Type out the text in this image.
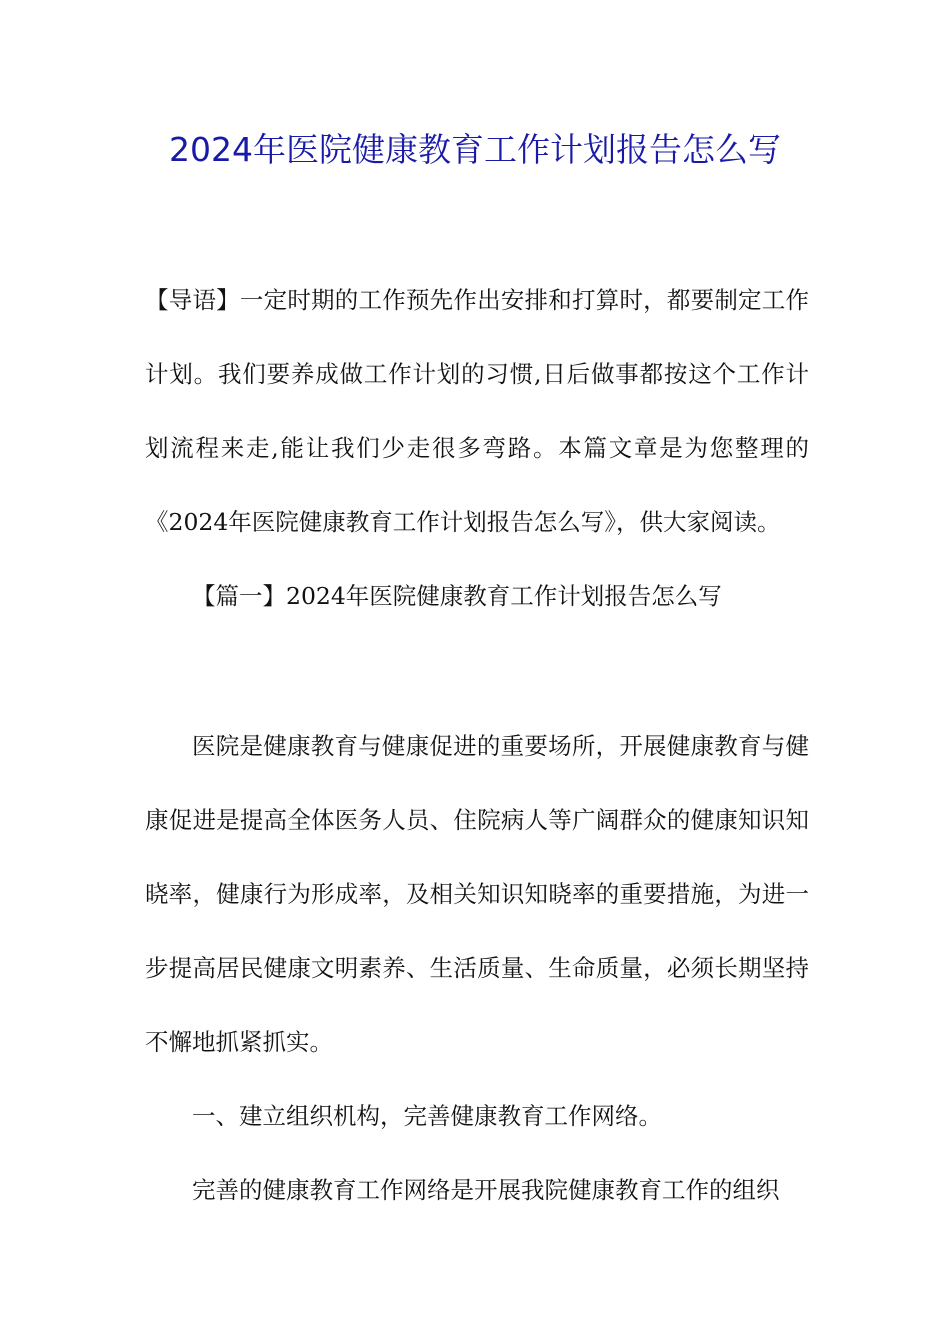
2024年医院健康教育工作计划报告怎么写

【导语】一定时期的工作预先作出安排和打算时，都要制定工作计划。我们要养成做工作计划的习惯,日后做事都按这个工作计划流程来走,能让我们少走很多弯路。本篇文章是为您整理的《2024年医院健康教育工作计划报告怎么写》，供大家阅读。

【篇一】2024年医院健康教育工作计划报告怎么写

医院是健康教育与健康促进的重要场所，开展健康教育与健康促进是提高全体医务人员、住院病人等广阔群众的健康知识知晓率，健康行为形成率，及相关知识知晓率的重要措施，为进一步提高居民健康文明素养、生活质量、生命质量，必须长期坚持不懈地抓紧抓实。

一、建立组织机构，完善健康教育工作网络。

完善的健康教育工作网络是开展我院健康教育工作的组织
